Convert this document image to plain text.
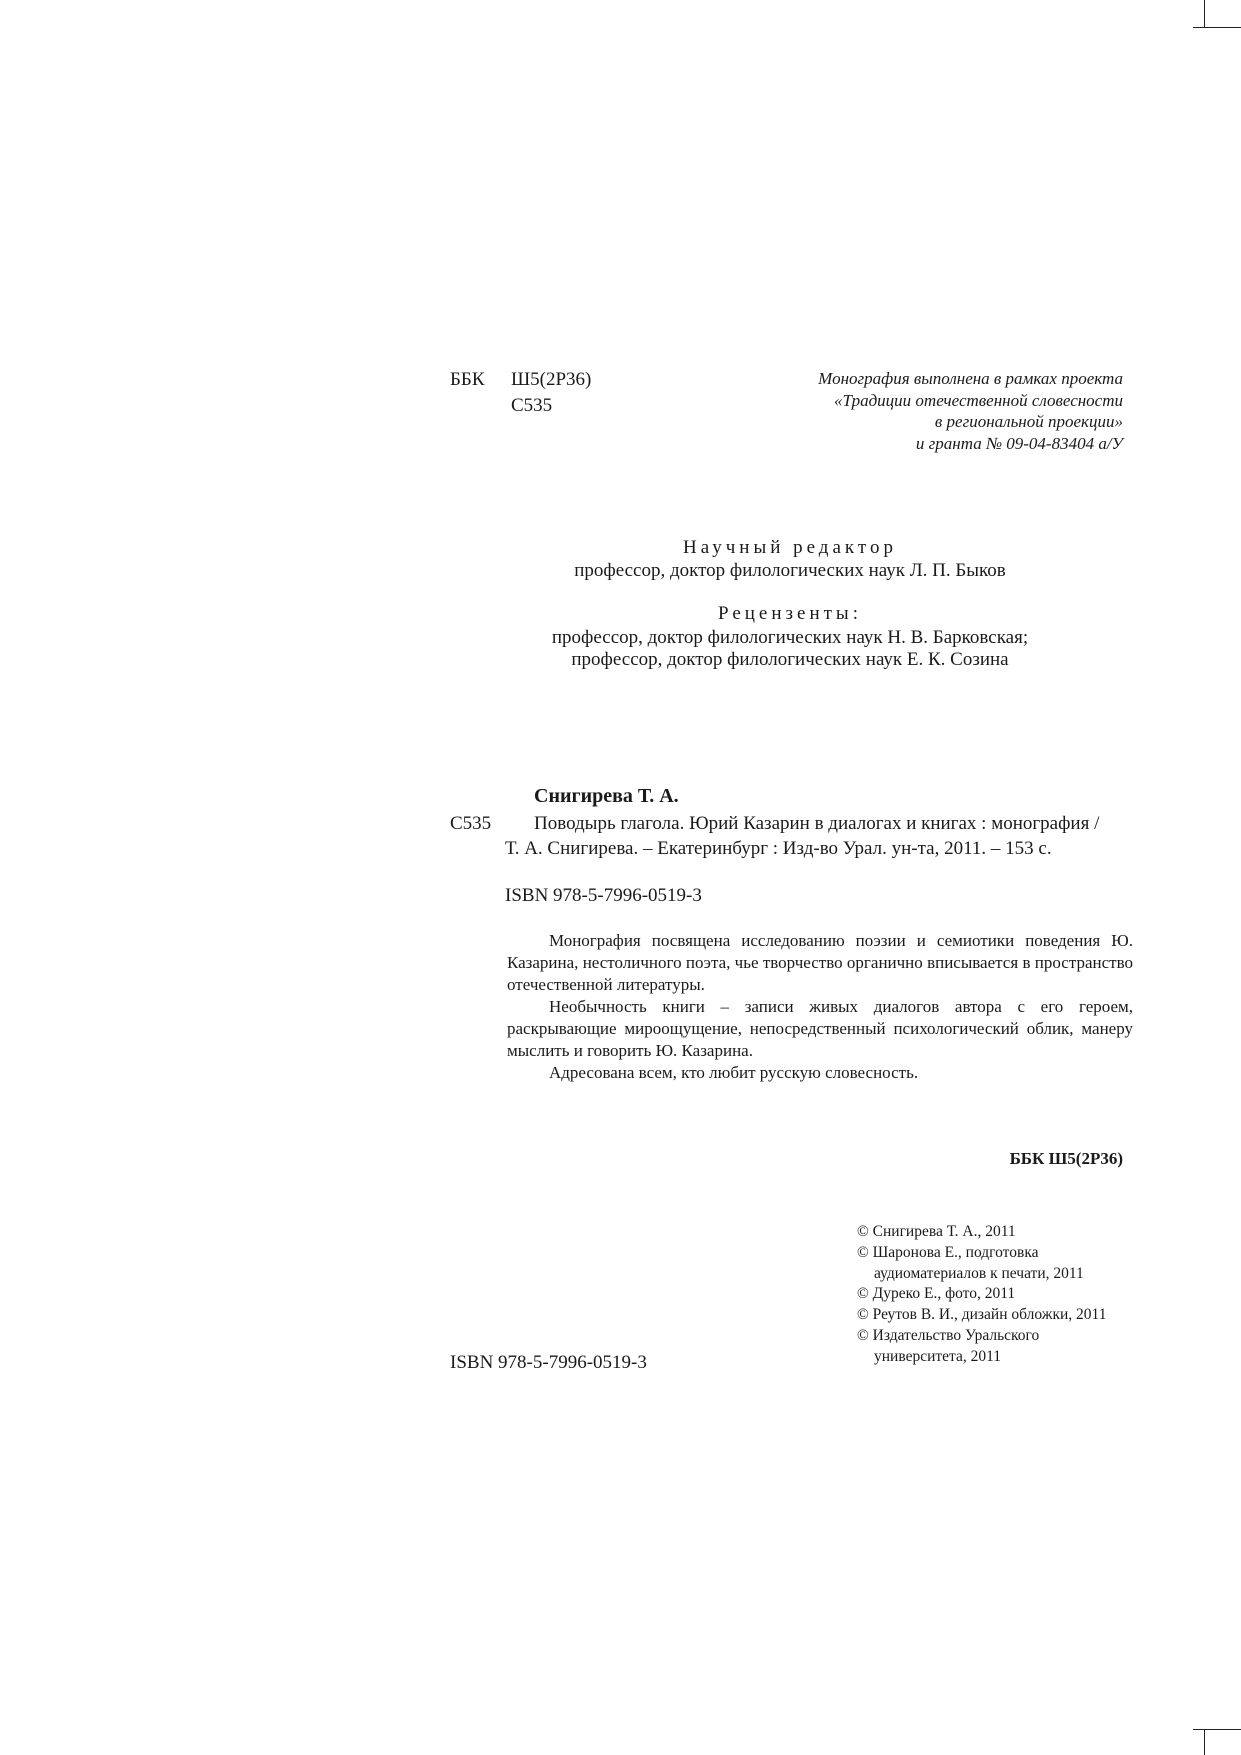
ББК Ш5(2Р36)
С535
Монография выполнена в рамках проекта
«Традиции отечественной словесности
в региональной проекции»
и гранта № 09-04-83404 а/У
Научный редактор
профессор, доктор филологических наук Л. П. Быков
Рецензенты:
профессор, доктор филологических наук Н. В. Барковская;
профессор, доктор филологических наук Е. К. Созина
Снигирева Т. А.
С535 Поводырь глагола. Юрий Казарин в диалогах и книгах : монография /
Т. А. Снигирева. – Екатеринбург : Изд-во Урал. ун-та, 2011. – 153 с.
ISBN 978-5-7996-0519-3
Монография посвящена исследованию поэзии и семиотики поведения Ю. Казарина, нестоличного поэта, чье творчество органично вписывается в пространство отечественной литературы.
Необычность книги – записи живых диалогов автора с его героем, раскрывающие мироощущение, непосредственный психологический облик, манеру мыслить и говорить Ю. Казарина.
Адресована всем, кто любит русскую словесность.
ББК Ш5(2Р36)
© Снигирева Т. А., 2011
© Шаронова Е., подготовка
аудиоматериалов к печати, 2011
© Дуреко Е., фото, 2011
© Реутов В. И., дизайн обложки, 2011
© Издательство Уральского
университета, 2011
ISBN 978-5-7996-0519-3
